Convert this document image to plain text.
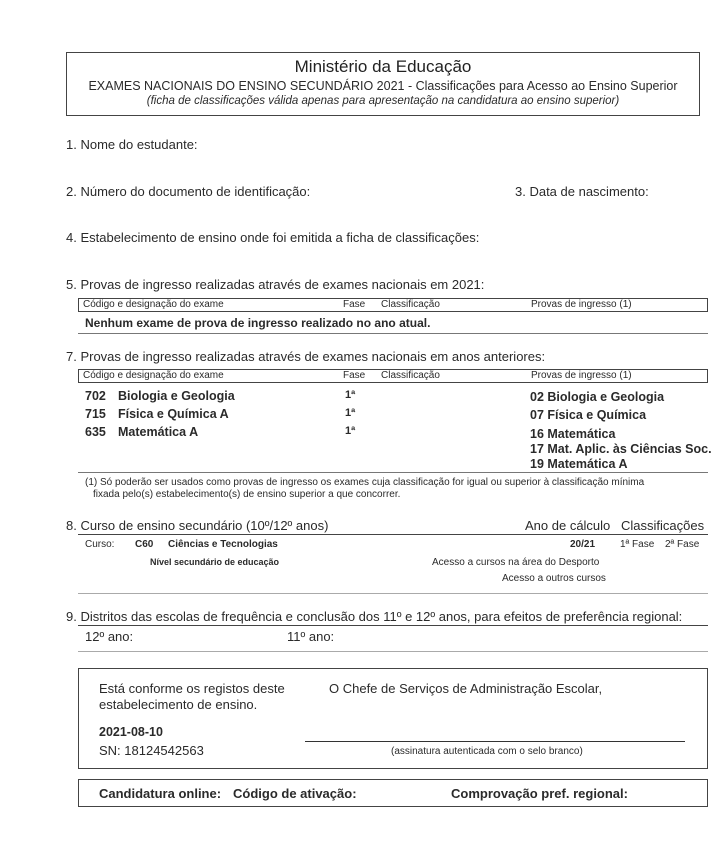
Ministério da Educação
EXAMES NACIONAIS DO ENSINO SECUNDÁRIO 2021 - Classificações para Acesso ao Ensino Superior
(ficha de classificações válida apenas para apresentação na candidatura ao ensino superior)
1. Nome do estudante:
2. Número do documento de identificação:	3. Data de nascimento:
4. Estabelecimento de ensino onde foi emitida a ficha de classificações:
5. Provas de ingresso realizadas através de exames nacionais em 2021:
Código e designação do exame	Fase Classificação	Provas de ingresso (1)
Nenhum exame de prova de ingresso realizado no ano atual.
7. Provas de ingresso realizadas através de exames nacionais em anos anteriores:
Código e designação do exame	Fase Classificação	Provas de ingresso (1)
702 Biologia e Geologia	1ª	02 Biologia e Geologia
715 Física e Química A	1ª	07 Física e Química
635 Matemática A	1ª	16 Matemática
17 Mat. Aplic. às Ciências Soc.
19 Matemática A
(1) Só poderão ser usados como provas de ingresso os exames cuja classificação for igual ou superior à classificação mínima
fixada pelo(s) estabelecimento(s) de ensino superior a que concorrer.
8. Curso de ensino secundário (10º/12º anos)	Ano de cálculo Classificações
Curso: C60 Ciências e Tecnologias	20/21 1ª Fase 2ª Fase
Nível secundário de educação	Acesso a cursos na área do Desporto
Acesso a outros cursos
9. Distritos das escolas de frequência e conclusão dos 11º e 12º anos, para efeitos de preferência regional:
12º ano:	11º ano:
Está conforme os registos deste
estabelecimento de ensino.
O Chefe de Serviços de Administração Escolar,
2021-08-10
SN: 18124542563	(assinatura autenticada com o selo branco)
Candidatura online: Código de ativação:	Comprovação pref. regional:
